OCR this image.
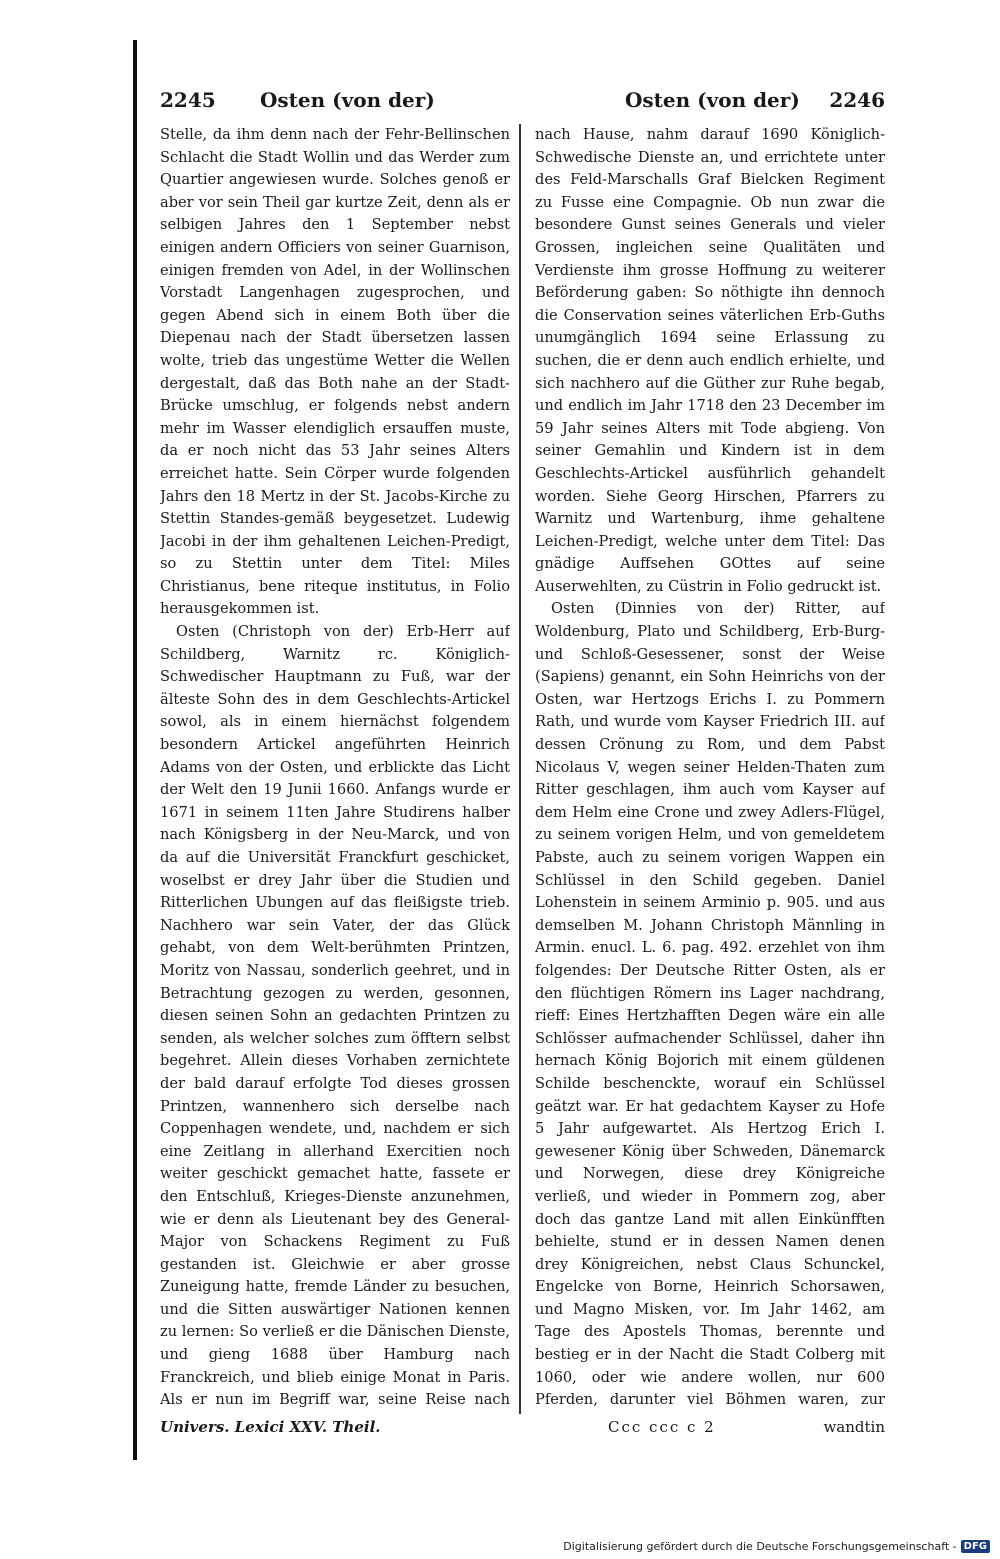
2245 Osten (von der)	Osten (von der) 2246

Stelle, da ihm denn nach der Fehr-Bellinschen Schlacht die Stadt Wollin und das Werder zum Quartier angewiesen wurde. Solches genoß er aber vor sein Theil gar kurtze Zeit, denn als er selbigen Jahres den 1 September nebst einigen andern Officiers von seiner Guarnison, einigen fremden von Adel, in der Wollinschen Vorstadt Langenhagen zugesprochen, und gegen Abend sich in einem Both über die Diepenau nach der Stadt übersetzen lassen wolte, trieb das ungestüme Wetter die Wellen dergestalt, daß das Both nahe an der Stadt-Brücke umschlug, er folgends nebst andern mehr im Wasser elendiglich ersauffen muste, da er noch nicht das 53 Jahr seines Alters erreichet hatte. Sein Cörper wurde folgenden Jahrs den 18 Mertz in der St. Jacobs-Kirche zu Stettin Standes-gemäß beygesetzet. Ludewig Jacobi in der ihm gehaltenen Leichen-Predigt, so zu Stettin unter dem Titel: Miles Christianus, bene riteque institutus, in Folio herausgekommen ist.

Osten (Christoph von der) Erb-Herr auf Schildberg, Warnitz rc. Königlich-Schwedischer Hauptmann zu Fuß, war der älteste Sohn des in dem Geschlechts-Artickel sowol, als in einem hiernächst folgendem besondern Artickel angeführten Heinrich Adams von der Osten, und erblickte das Licht der Welt den 19 Junii 1660. Anfangs wurde er 1671 in seinem 11ten Jahre Studirens halber nach Königsberg in der Neu-Marck, und von da auf die Universität Franckfurt geschicket, woselbst er drey Jahr über die Studien und Ritterlichen Ubungen auf das fleißigste trieb. Nachhero war sein Vater, der das Glück gehabt, von dem Welt-berühmten Printzen, Moritz von Nassau, sonderlich geehret, und in Betrachtung gezogen zu werden, gesonnen, diesen seinen Sohn an gedachten Printzen zu senden, als welcher solches zum öfftern selbst begehret. Allein dieses Vorhaben zernichtete der bald darauf erfolgte Tod dieses grossen Printzen, wannenhero sich derselbe nach Coppenhagen wendete, und, nachdem er sich eine Zeitlang in allerhand Exercitien noch weiter geschickt gemachet hatte, fassete er den Entschluß, Krieges-Dienste anzunehmen, wie er denn als Lieutenant bey des General-Major von Schackens Regiment zu Fuß gestanden ist. Gleichwie er aber grosse Zuneigung hatte, fremde Länder zu besuchen, und die Sitten auswärtiger Nationen kennen zu lernen: So verließ er die Dänischen Dienste, und gieng 1688 über Hamburg nach Franckreich, und blieb einige Monat in Paris. Als er nun im Begriff war, seine Reise nach

nach Hause, nahm darauf 1690 Königlich-Schwedische Dienste an, und errichtete unter des Feld-Marschalls Graf Bielcken Regiment zu Fusse eine Compagnie. Ob nun zwar die besondere Gunst seines Generals und vieler Grossen, ingleichen seine Qualitäten und Verdienste ihm grosse Hoffnung zu weiterer Beförderung gaben: So nöthigte ihn dennoch die Conservation seines väterlichen Erb-Guths unumgänglich 1694 seine Erlassung zu suchen, die er denn auch endlich erhielte, und sich nachhero auf die Güther zur Ruhe begab, und endlich im Jahr 1718 den 23 December im 59 Jahr seines Alters mit Tode abgieng. Von seiner Gemahlin und Kindern ist in dem Geschlechts-Artickel ausführlich gehandelt worden. Siehe Georg Hirschen, Pfarrers zu Warnitz und Wartenburg, ihme gehaltene Leichen-Predigt, welche unter dem Titel: Das gnädige Auffsehen GOttes auf seine Auserwehlten, zu Cüstrin in Folio gedruckt ist.

Osten (Dinnies von der) Ritter, auf Woldenburg, Plato und Schildberg, Erb-Burg- und Schloß-Gesessener, sonst der Weise (Sapiens) genannt, ein Sohn Heinrichs von der Osten, war Hertzogs Erichs I. zu Pommern Rath, und wurde vom Kayser Friedrich III. auf dessen Crönung zu Rom, und dem Pabst Nicolaus V, wegen seiner Helden-Thaten zum Ritter geschlagen, ihm auch vom Kayser auf dem Helm eine Crone und zwey Adlers-Flügel, zu seinem vorigen Helm, und von gemeldetem Pabste, auch zu seinem vorigen Wappen ein Schlüssel in den Schild gegeben. Daniel Lohenstein in seinem Arminio p. 905. und aus demselben M. Johann Christoph Männling in Armin. enucl. L. 6. pag. 492. erzehlet von ihm folgendes: Der Deutsche Ritter Osten, als er den flüchtigen Römern ins Lager nachdrang, rieff: Eines Hertzhafften Degen wäre ein alle Schlösser aufmachender Schlüssel, daher ihn hernach König Bojorich mit einem güldenen Schilde beschenckte, worauf ein Schlüssel geätzt war. Er hat gedachtem Kayser zu Hofe 5 Jahr aufgewartet. Als Hertzog Erich I. gewesener König über Schweden, Dänemarck und Norwegen, diese drey Königreiche verließ, und wieder in Pommern zog, aber doch das gantze Land mit allen Einkünfften behielte, stund er in dessen Namen denen drey Königreichen, nebst Claus Schunckel, Engelcke von Borne, Heinrich Schorsawen, und Magno Misken, vor. Im Jahr 1462, am Tage des Apostels Thomas, berennte und bestieg er in der Nacht die Stadt Colberg mit 1060, oder wie andere wollen, nur 600 Pferden, darunter viel Böhmen waren, zur

Univers. Lexici XXV. Theil.	Ccc ccc c 2	wandtin
Digitalisierung gefördert durch die Deutsche Forschungsgemeinschaft - DFG
